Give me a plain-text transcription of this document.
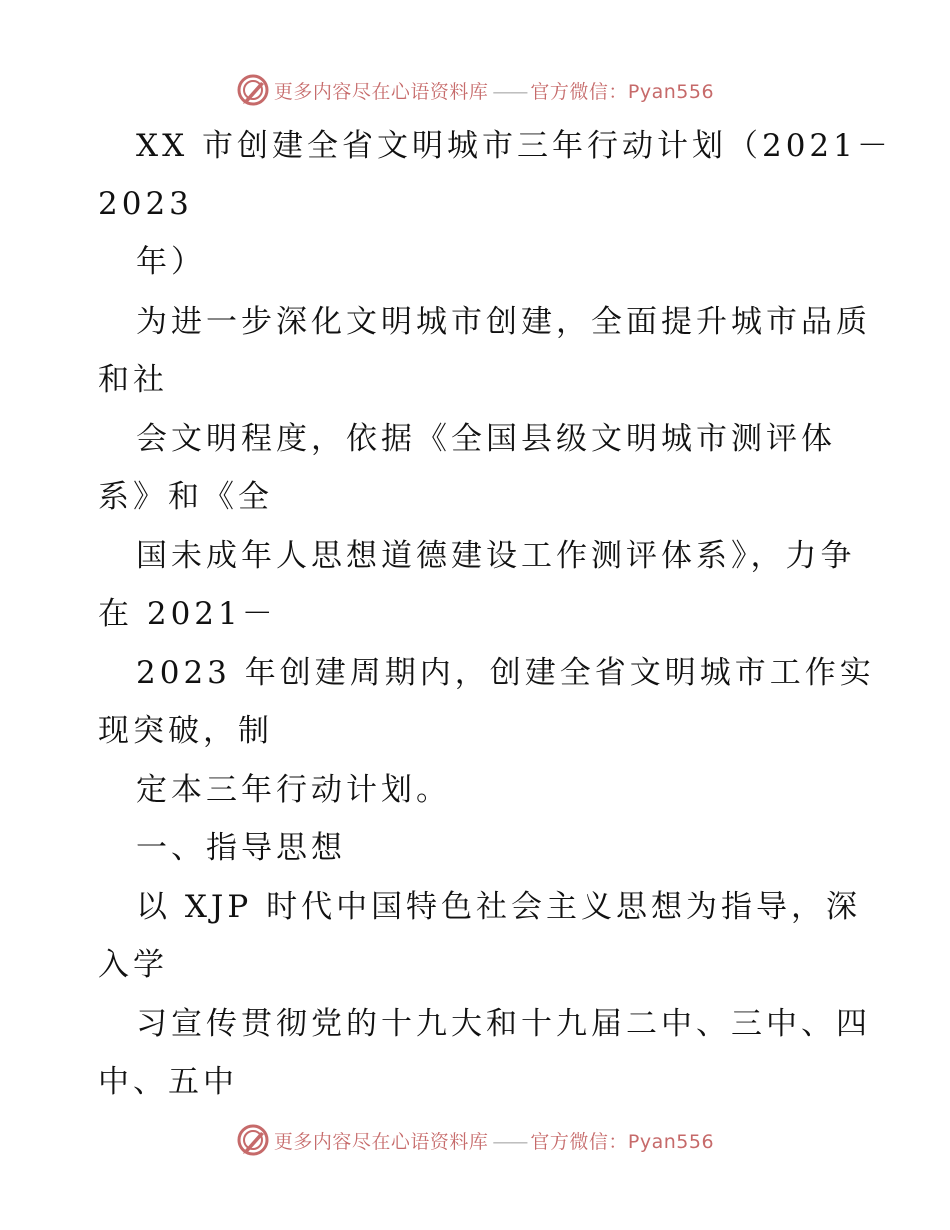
更多内容尽在心语资料库 —— 官方微信：Pyan556
XX 市创建全省文明城市三年行动计划（2021－
2023
年）
为进一步深化文明城市创建，全面提升城市品质
和社
会文明程度，依据《全国县级文明城市测评体
系》和《全
国未成年人思想道德建设工作测评体系》，力争
在 2021－
2023 年创建周期内，创建全省文明城市工作实
现突破，制
定本三年行动计划。
一、指导思想
以 XJP 时代中国特色社会主义思想为指导，深
入学
习宣传贯彻党的十九大和十九届二中、三中、四
中、五中
更多内容尽在心语资料库 —— 官方微信：Pyan556
